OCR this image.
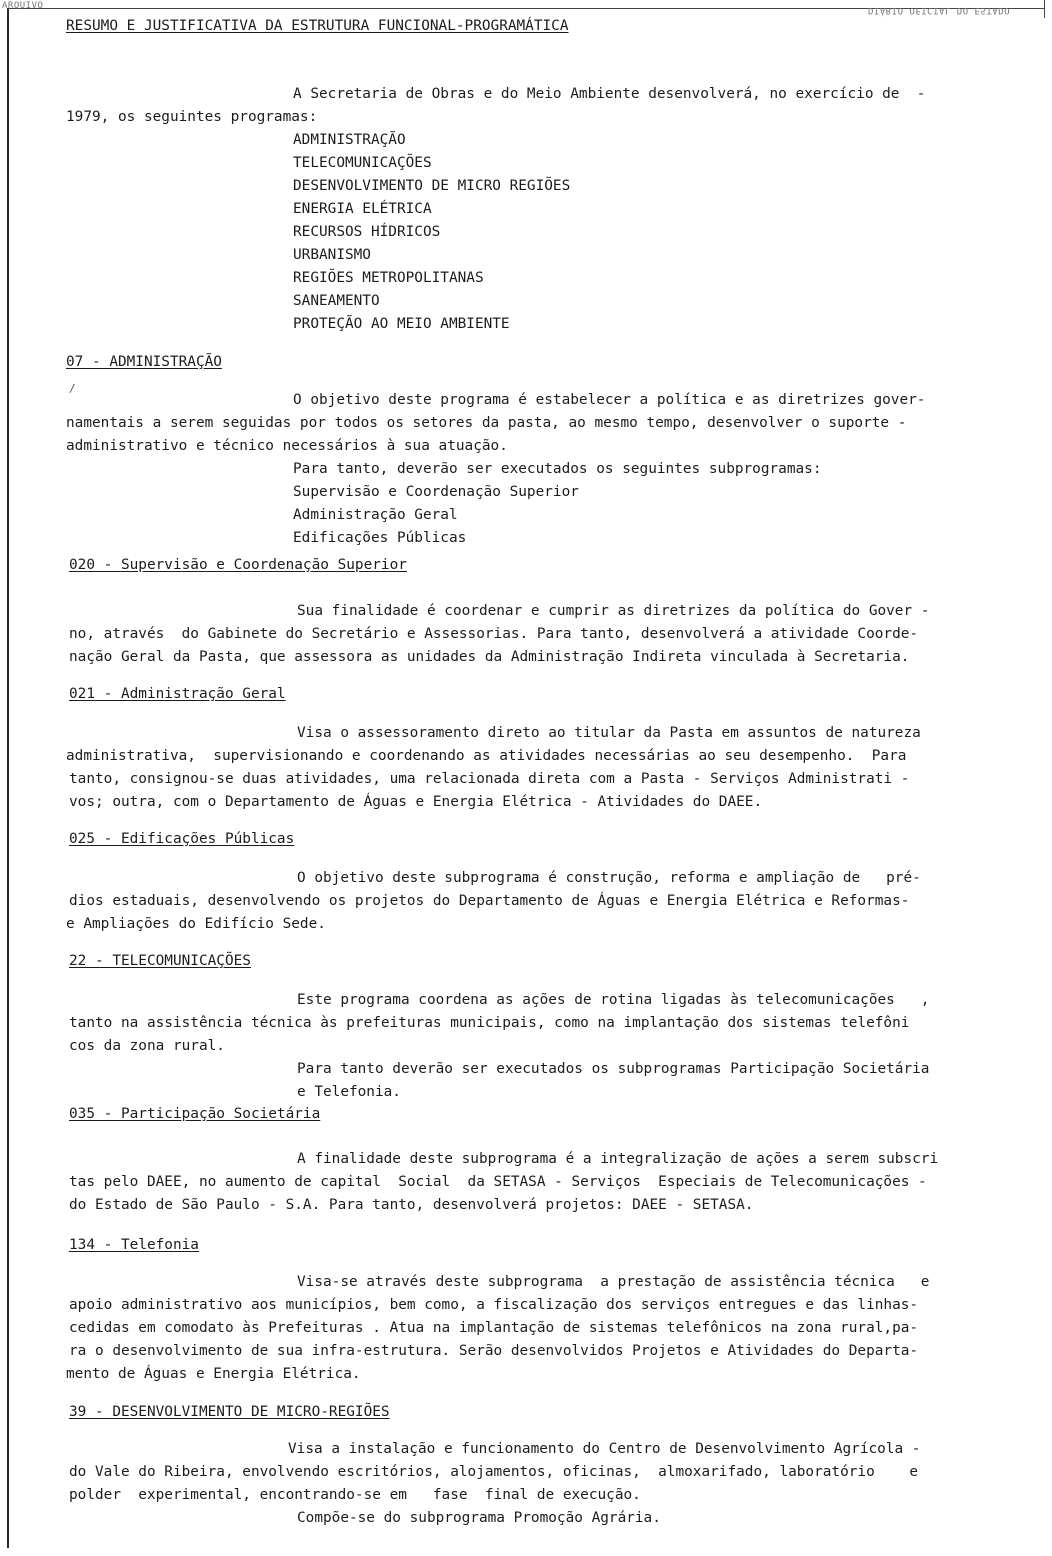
ARQUIVO	DIÁRIO OFICIAL DO ESTADO
RESUMO E JUSTIFICATIVA DA ESTRUTURA FUNCIONAL-PROGRAMÁTICA
A Secretaria de Obras e do Meio Ambiente desenvolverá, no exercício de  -
1979, os seguintes programas:
ADMINISTRAÇÃO
TELECOMUNICAÇÕES
DESENVOLVIMENTO DE MICRO REGIÕES
ENERGIA ELÉTRICA
RECURSOS HÍDRICOS
URBANISMO
REGIÕES METROPOLITANAS
SANEAMENTO
PROTEÇÃO AO MEIO AMBIENTE
07 - ADMINISTRAÇÃO
/
O objetivo deste programa é estabelecer a política e as diretrizes gover-
namentais a serem seguidas por todos os setores da pasta, ao mesmo tempo, desenvolver o suporte -
administrativo e técnico necessários à sua atuação.
Para tanto, deverão ser executados os seguintes subprogramas:
Supervisão e Coordenação Superior
Administração Geral
Edificações Públicas
020 - Supervisão e Coordenação Superior
Sua finalidade é coordenar e cumprir as diretrizes da política do Gover -
no, através  do Gabinete do Secretário e Assessorias. Para tanto, desenvolverá a atividade Coorde-
nação Geral da Pasta, que assessora as unidades da Administração Indireta vinculada à Secretaria.
021 - Administração Geral
Visa o assessoramento direto ao titular da Pasta em assuntos de natureza
administrativa,  supervisionando e coordenando as atividades necessárias ao seu desempenho.  Para
tanto, consignou-se duas atividades, uma relacionada direta com a Pasta - Serviços Administrati -
vos; outra, com o Departamento de Águas e Energia Elétrica - Atividades do DAEE.
025 - Edificações Públicas
O objetivo deste subprograma é construção, reforma e ampliação de   pré-
dios estaduais, desenvolvendo os projetos do Departamento de Águas e Energia Elétrica e Reformas-
e Ampliações do Edifício Sede.
22 - TELECOMUNICAÇÕES
Este programa coordena as ações de rotina ligadas às telecomunicações   ,
tanto na assistência técnica às prefeituras municipais, como na implantação dos sistemas telefôni
cos da zona rural.
Para tanto deverão ser executados os subprogramas Participação Societária
e Telefonia.
035 - Participação Societária
A finalidade deste subprograma é a integralização de ações a serem subscri
tas pelo DAEE, no aumento de capital  Social  da SETASA - Serviços  Especiais de Telecomunicações -
do Estado de São Paulo - S.A. Para tanto, desenvolverá projetos: DAEE - SETASA.
134 - Telefonia
Visa-se através deste subprograma  a prestação de assistência técnica   e
apoio administrativo aos municípios, bem como, a fiscalização dos serviços entregues e das linhas-
cedidas em comodato às Prefeituras . Atua na implantação de sistemas telefônicos na zona rural,pa-
ra o desenvolvimento de sua infra-estrutura. Serão desenvolvidos Projetos e Atividades do Departa-
mento de Águas e Energia Elétrica.
39 - DESENVOLVIMENTO DE MICRO-REGIÕES
Visa a instalação e funcionamento do Centro de Desenvolvimento Agrícola -
do Vale do Ribeira, envolvendo escritórios, alojamentos, oficinas,  almoxarifado, laboratório    e
polder  experimental, encontrando-se em   fase  final de execução.
Compõe-se do subprograma Promoção Agrária.
